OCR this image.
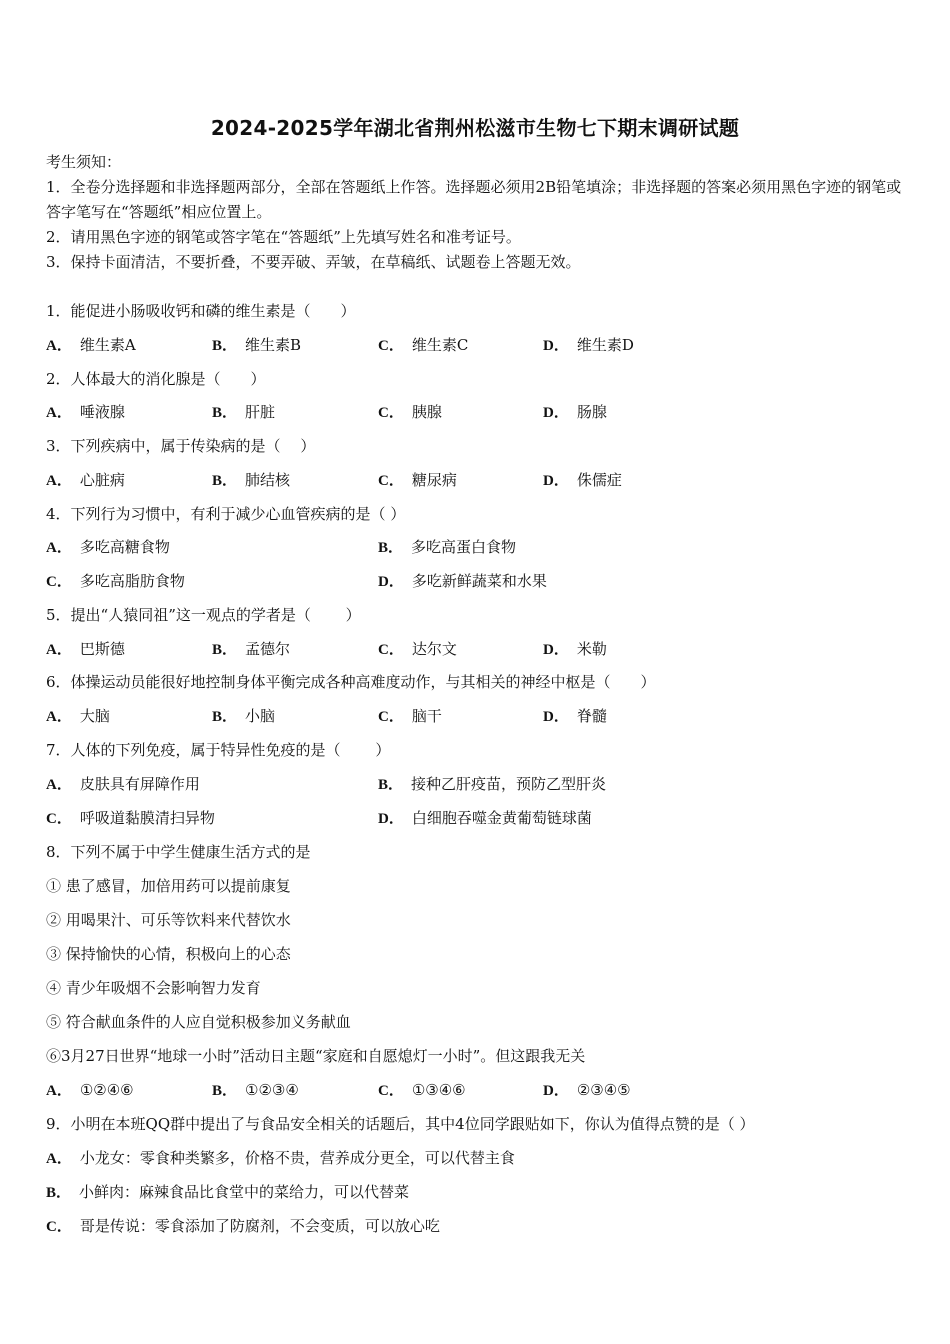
2024-2025学年湖北省荆州松滋市生物七下期末调研试题
考生须知：
1．全卷分选择题和非选择题两部分，全部在答题纸上作答。选择题必须用2B铅笔填涂；非选择题的答案必须用黑色字迹的钢笔或答字笔写在“答题纸”相应位置上。
2．请用黑色字迹的钢笔或答字笔在“答题纸”上先填写姓名和准考证号。
3．保持卡面清洁，不要折叠，不要弄破、弄皱，在草稿纸、试题卷上答题无效。
1．能促进小肠吸收钙和磷的维生素是（　　）
A． 维生素A	B． 维生素B	C． 维生素C	D． 维生素D
2．人体最大的消化腺是（　　）
A． 唾液腺	B． 肝脏	C． 胰腺	D． 肠腺
3．下列疾病中，属于传染病的是（　 ）
A． 心脏病	B． 肺结核	C． 糖尿病	D． 侏儒症
4．下列行为习惯中，有利于减少心血管疾病的是（ ）
A． 多吃高糖食物	B． 多吃高蛋白食物
C． 多吃高脂肪食物	D． 多吃新鲜蔬菜和水果
5．提出“人猿同祖”这一观点的学者是（　　 ）
A． 巴斯德	B． 孟德尔	C． 达尔文	D． 米勒
6．体操运动员能很好地控制身体平衡完成各种高难度动作，与其相关的神经中枢是（　　）
A． 大脑	B． 小脑	C． 脑干	D． 脊髓
7．人体的下列免疫，属于特异性免疫的是（　　 ）
A． 皮肤具有屏障作用	B． 接种乙肝疫苗，预防乙型肝炎
C． 呼吸道黏膜清扫异物	D． 白细胞吞噬金黄葡萄链球菌
8．下列不属于中学生健康生活方式的是
① 患了感冒，加倍用药可以提前康复
② 用喝果汁、可乐等饮料来代替饮水
③ 保持愉快的心情，积极向上的心态
④ 青少年吸烟不会影响智力发育
⑤ 符合献血条件的人应自觉积极参加义务献血
⑥3月27日世界“地球一小时”活动日主题“家庭和自愿熄灯一小时”。但这跟我无关
A． ①②④⑥	B． ①②③④	C． ①③④⑥	D． ②③④⑤
9．小明在本班QQ群中提出了与食品安全相关的话题后，其中4位同学跟贴如下，你认为值得点赞的是（ ）
A． 小龙女：零食种类繁多，价格不贵，营养成分更全，可以代替主食
B． 小鲜肉：麻辣食品比食堂中的菜给力，可以代替菜
C． 哥是传说：零食添加了防腐剂，不会变质，可以放心吃
